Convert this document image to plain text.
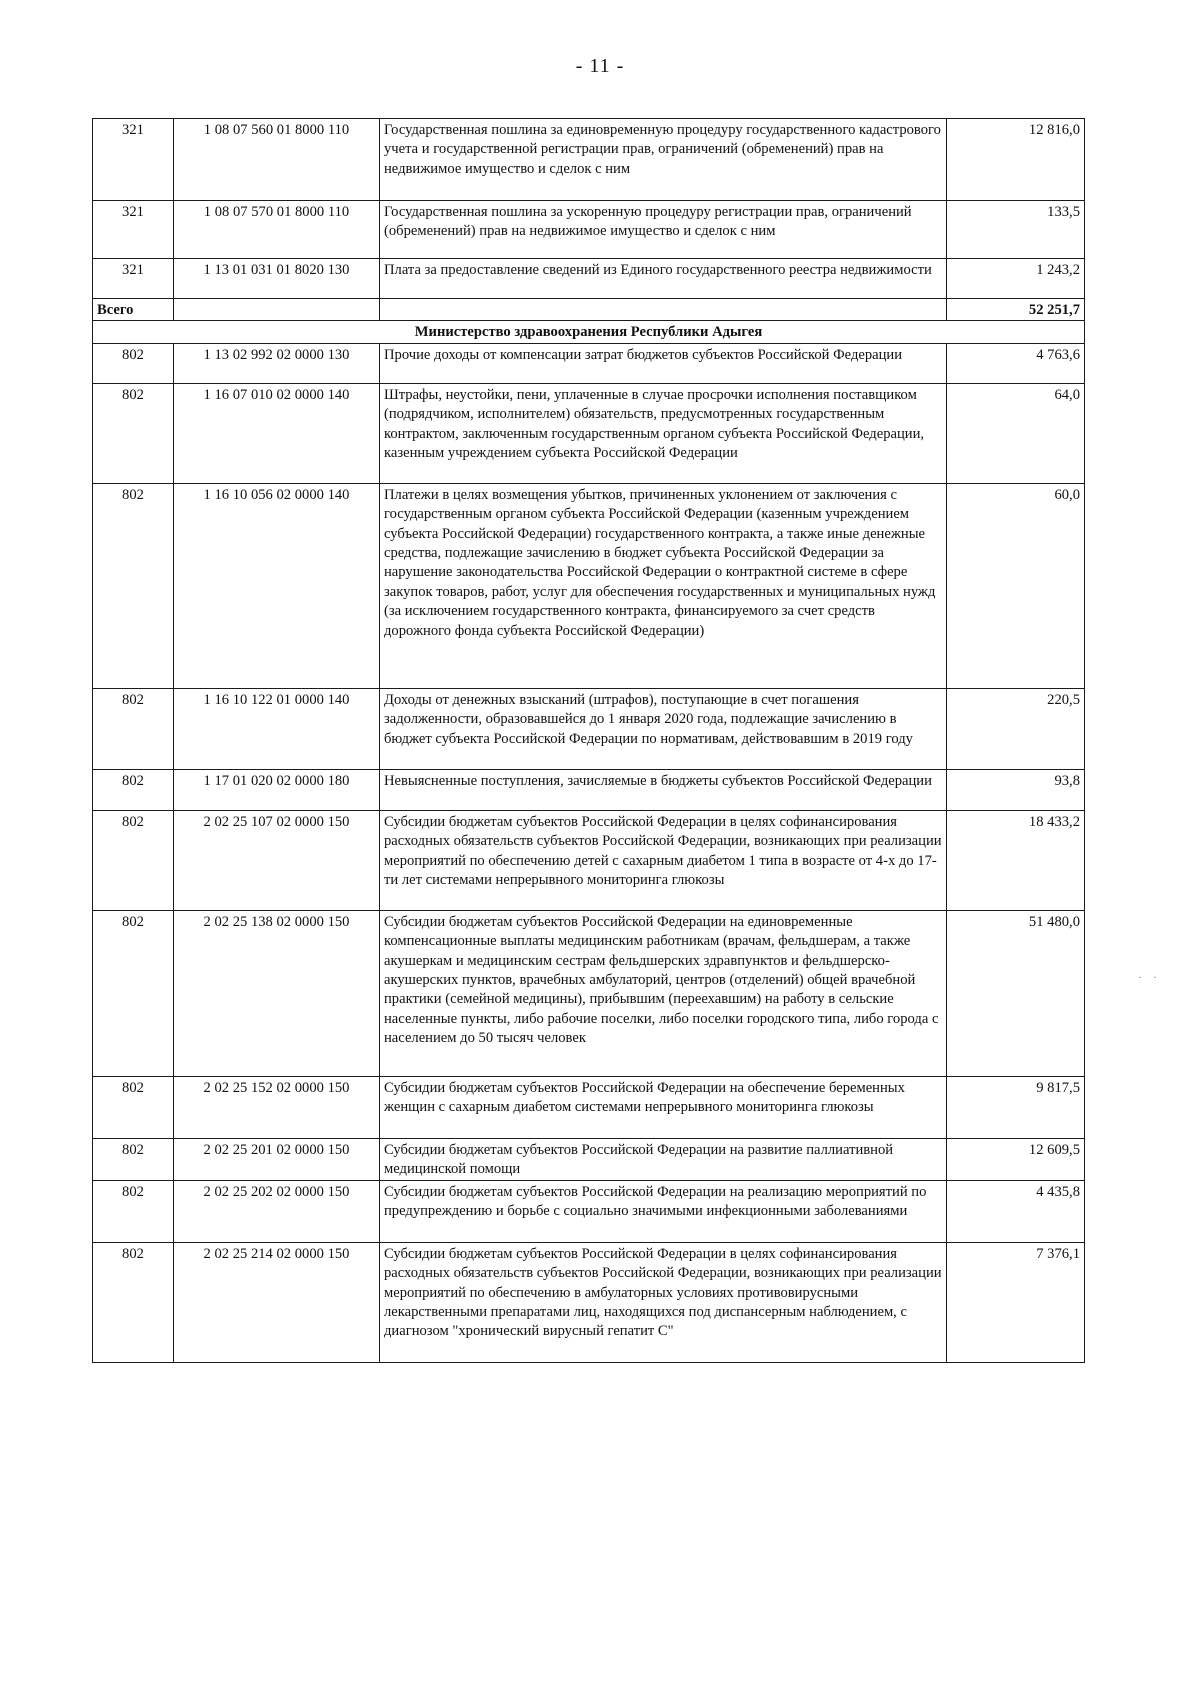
- 11 -
321	1 08 07 560 01 8000 110	Государственная пошлина за единовременную процедуру государственного кадастрового учета и государственной регистрации прав, ограничений (обременений) прав на недвижимое имущество и сделок с ним	12 816,0
321	1 08 07 570 01 8000 110	Государственная пошлина за ускоренную процедуру регистрации прав, ограничений (обременений) прав на недвижимое имущество и сделок с ним	133,5
321	1 13 01 031 01 8020 130	Плата за предоставление сведений из Единого государственного реестра недвижимости	1 243,2
Всего			52 251,7
Министерство здравоохранения Республики Адыгея			
802	1 13 02 992 02 0000 130	Прочие доходы от компенсации затрат бюджетов субъектов Российской Федерации	4 763,6
802	1 16 07 010 02 0000 140	Штрафы, неустойки, пени, уплаченные в случае просрочки исполнения поставщиком (подрядчиком, исполнителем) обязательств, предусмотренных государственным контрактом, заключенным государственным органом субъекта Российской Федерации, казенным учреждением субъекта Российской Федерации	64,0
802	1 16 10 056 02 0000 140	Платежи в целях возмещения убытков, причиненных уклонением от заключения с государственным органом субъекта Российской Федерации (казенным учреждением субъекта Российской Федерации) государственного контракта, а также иные денежные средства, подлежащие зачислению в бюджет субъекта Российской Федерации за нарушение законодательства Российской Федерации о контрактной системе в сфере закупок товаров, работ, услуг для обеспечения государственных и муниципальных нужд (за исключением государственного контракта, финансируемого за счет средств дорожного фонда субъекта Российской Федерации)	60,0
802	1 16 10 122 01 0000 140	Доходы от денежных взысканий (штрафов), поступающие в счет погашения задолженности, образовавшейся до 1 января 2020 года, подлежащие зачислению в бюджет субъекта Российской Федерации по нормативам, действовавшим в 2019 году	220,5
802	1 17 01 020 02 0000 180	Невыясненные поступления, зачисляемые в бюджеты субъектов Российской Федерации	93,8
802	2 02 25 107 02 0000 150	Субсидии бюджетам субъектов Российской Федерации в целях софинансирования расходных обязательств субъектов Российской Федерации, возникающих при реализации мероприятий по обеспечению детей с сахарным диабетом 1 типа в возрасте от 4-х до 17-ти лет системами непрерывного мониторинга глюкозы	18 433,2
802	2 02 25 138 02 0000 150	Субсидии бюджетам субъектов Российской Федерации на единовременные компенсационные выплаты медицинским работникам (врачам, фельдшерам, а также акушеркам и медицинским сестрам фельдшерских здравпунктов и фельдшерско-акушерских пунктов, врачебных амбулаторий, центров (отделений) общей врачебной практики (семейной медицины), прибывшим (переехавшим) на работу в сельские населенные пункты, либо рабочие поселки, либо поселки городского типа, либо города с населением до 50 тысяч человек	51 480,0
802	2 02 25 152 02 0000 150	Субсидии бюджетам субъектов Российской Федерации на обеспечение беременных женщин с сахарным диабетом системами непрерывного мониторинга глюкозы	9 817,5
802	2 02 25 201 02 0000 150	Субсидии бюджетам субъектов Российской Федерации на развитие паллиативной медицинской помощи	12 609,5
802	2 02 25 202 02 0000 150	Субсидии бюджетам субъектов Российской Федерации на реализацию мероприятий по предупреждению и борьбе с социально значимыми инфекционными заболеваниями	4 435,8
802	2 02 25 214 02 0000 150	Субсидии бюджетам субъектов Российской Федерации в целях софинансирования расходных обязательств субъектов Российской Федерации, возникающих при реализации мероприятий по обеспечению в амбулаторных условиях противовирусными лекарственными препаратами лиц, находящихся под диспансерным наблюдением, с диагнозом "хронический вирусный гепатит С"	7 376,1
· ·
